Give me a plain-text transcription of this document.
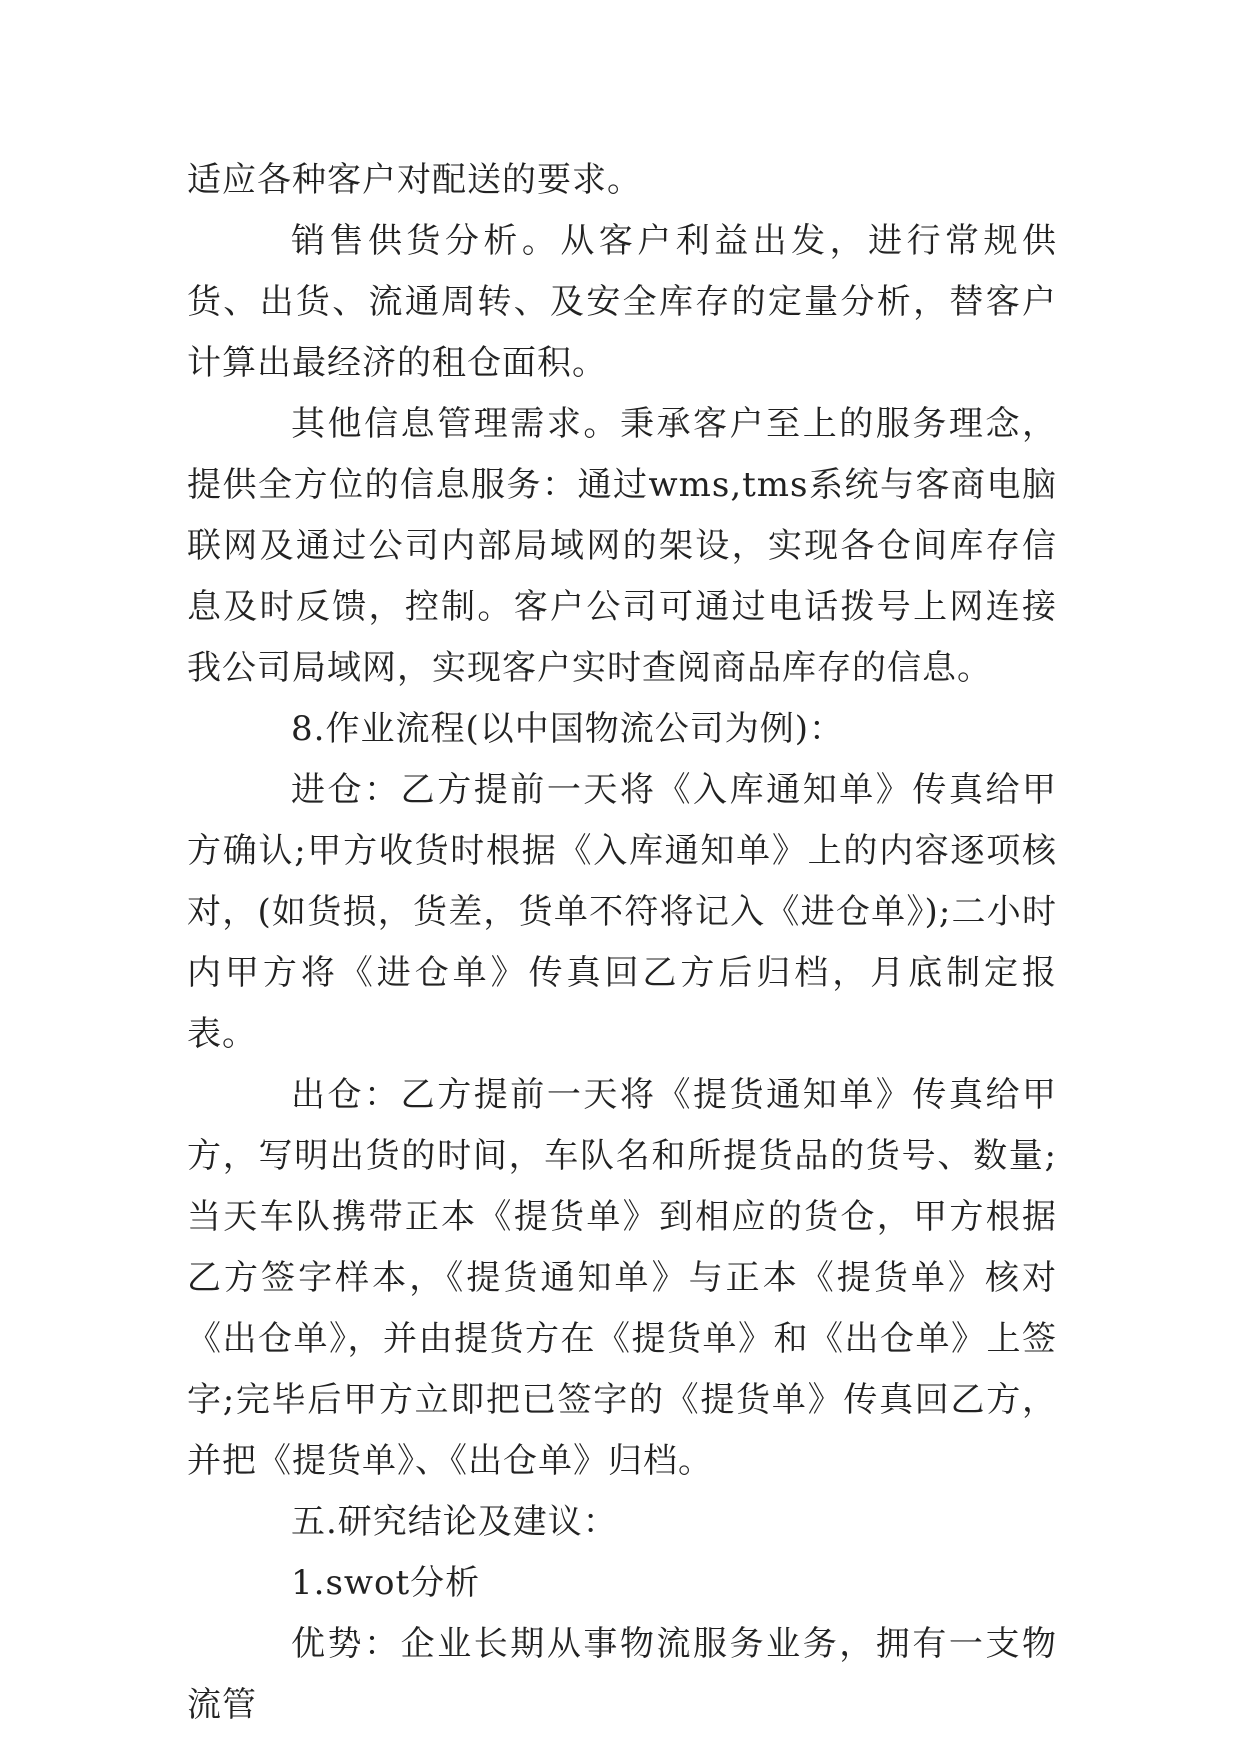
适应各种客户对配送的要求。

销售供货分析。从客户利益出发，进行常规供货、出货、流通周转、及安全库存的定量分析，替客户计算出最经济的租仓面积。

其他信息管理需求。秉承客户至上的服务理念，提供全方位的信息服务：通过wms,tms系统与客商电脑联网及通过公司内部局域网的架设，实现各仓间库存信息及时反馈，控制。客户公司可通过电话拨号上网连接我公司局域网，实现客户实时查阅商品库存的信息。

8.作业流程(以中国物流公司为例)：

进仓：乙方提前一天将《入库通知单》传真给甲方确认;甲方收货时根据《入库通知单》上的内容逐项核对，(如货损，货差，货单不符将记入《进仓单》);二小时内甲方将《进仓单》传真回乙方后归档，月底制定报表。

出仓：乙方提前一天将《提货通知单》传真给甲方，写明出货的时间，车队名和所提货品的货号、数量;当天车队携带正本《提货单》到相应的货仓，甲方根据乙方签字样本，《提货通知单》与正本《提货单》核对《出仓单》，并由提货方在《提货单》和《出仓单》上签字;完毕后甲方立即把已签字的《提货单》传真回乙方，并把《提货单》、《出仓单》归档。

五.研究结论及建议：

1.swot分析

优势：企业长期从事物流服务业务，拥有一支物流管
